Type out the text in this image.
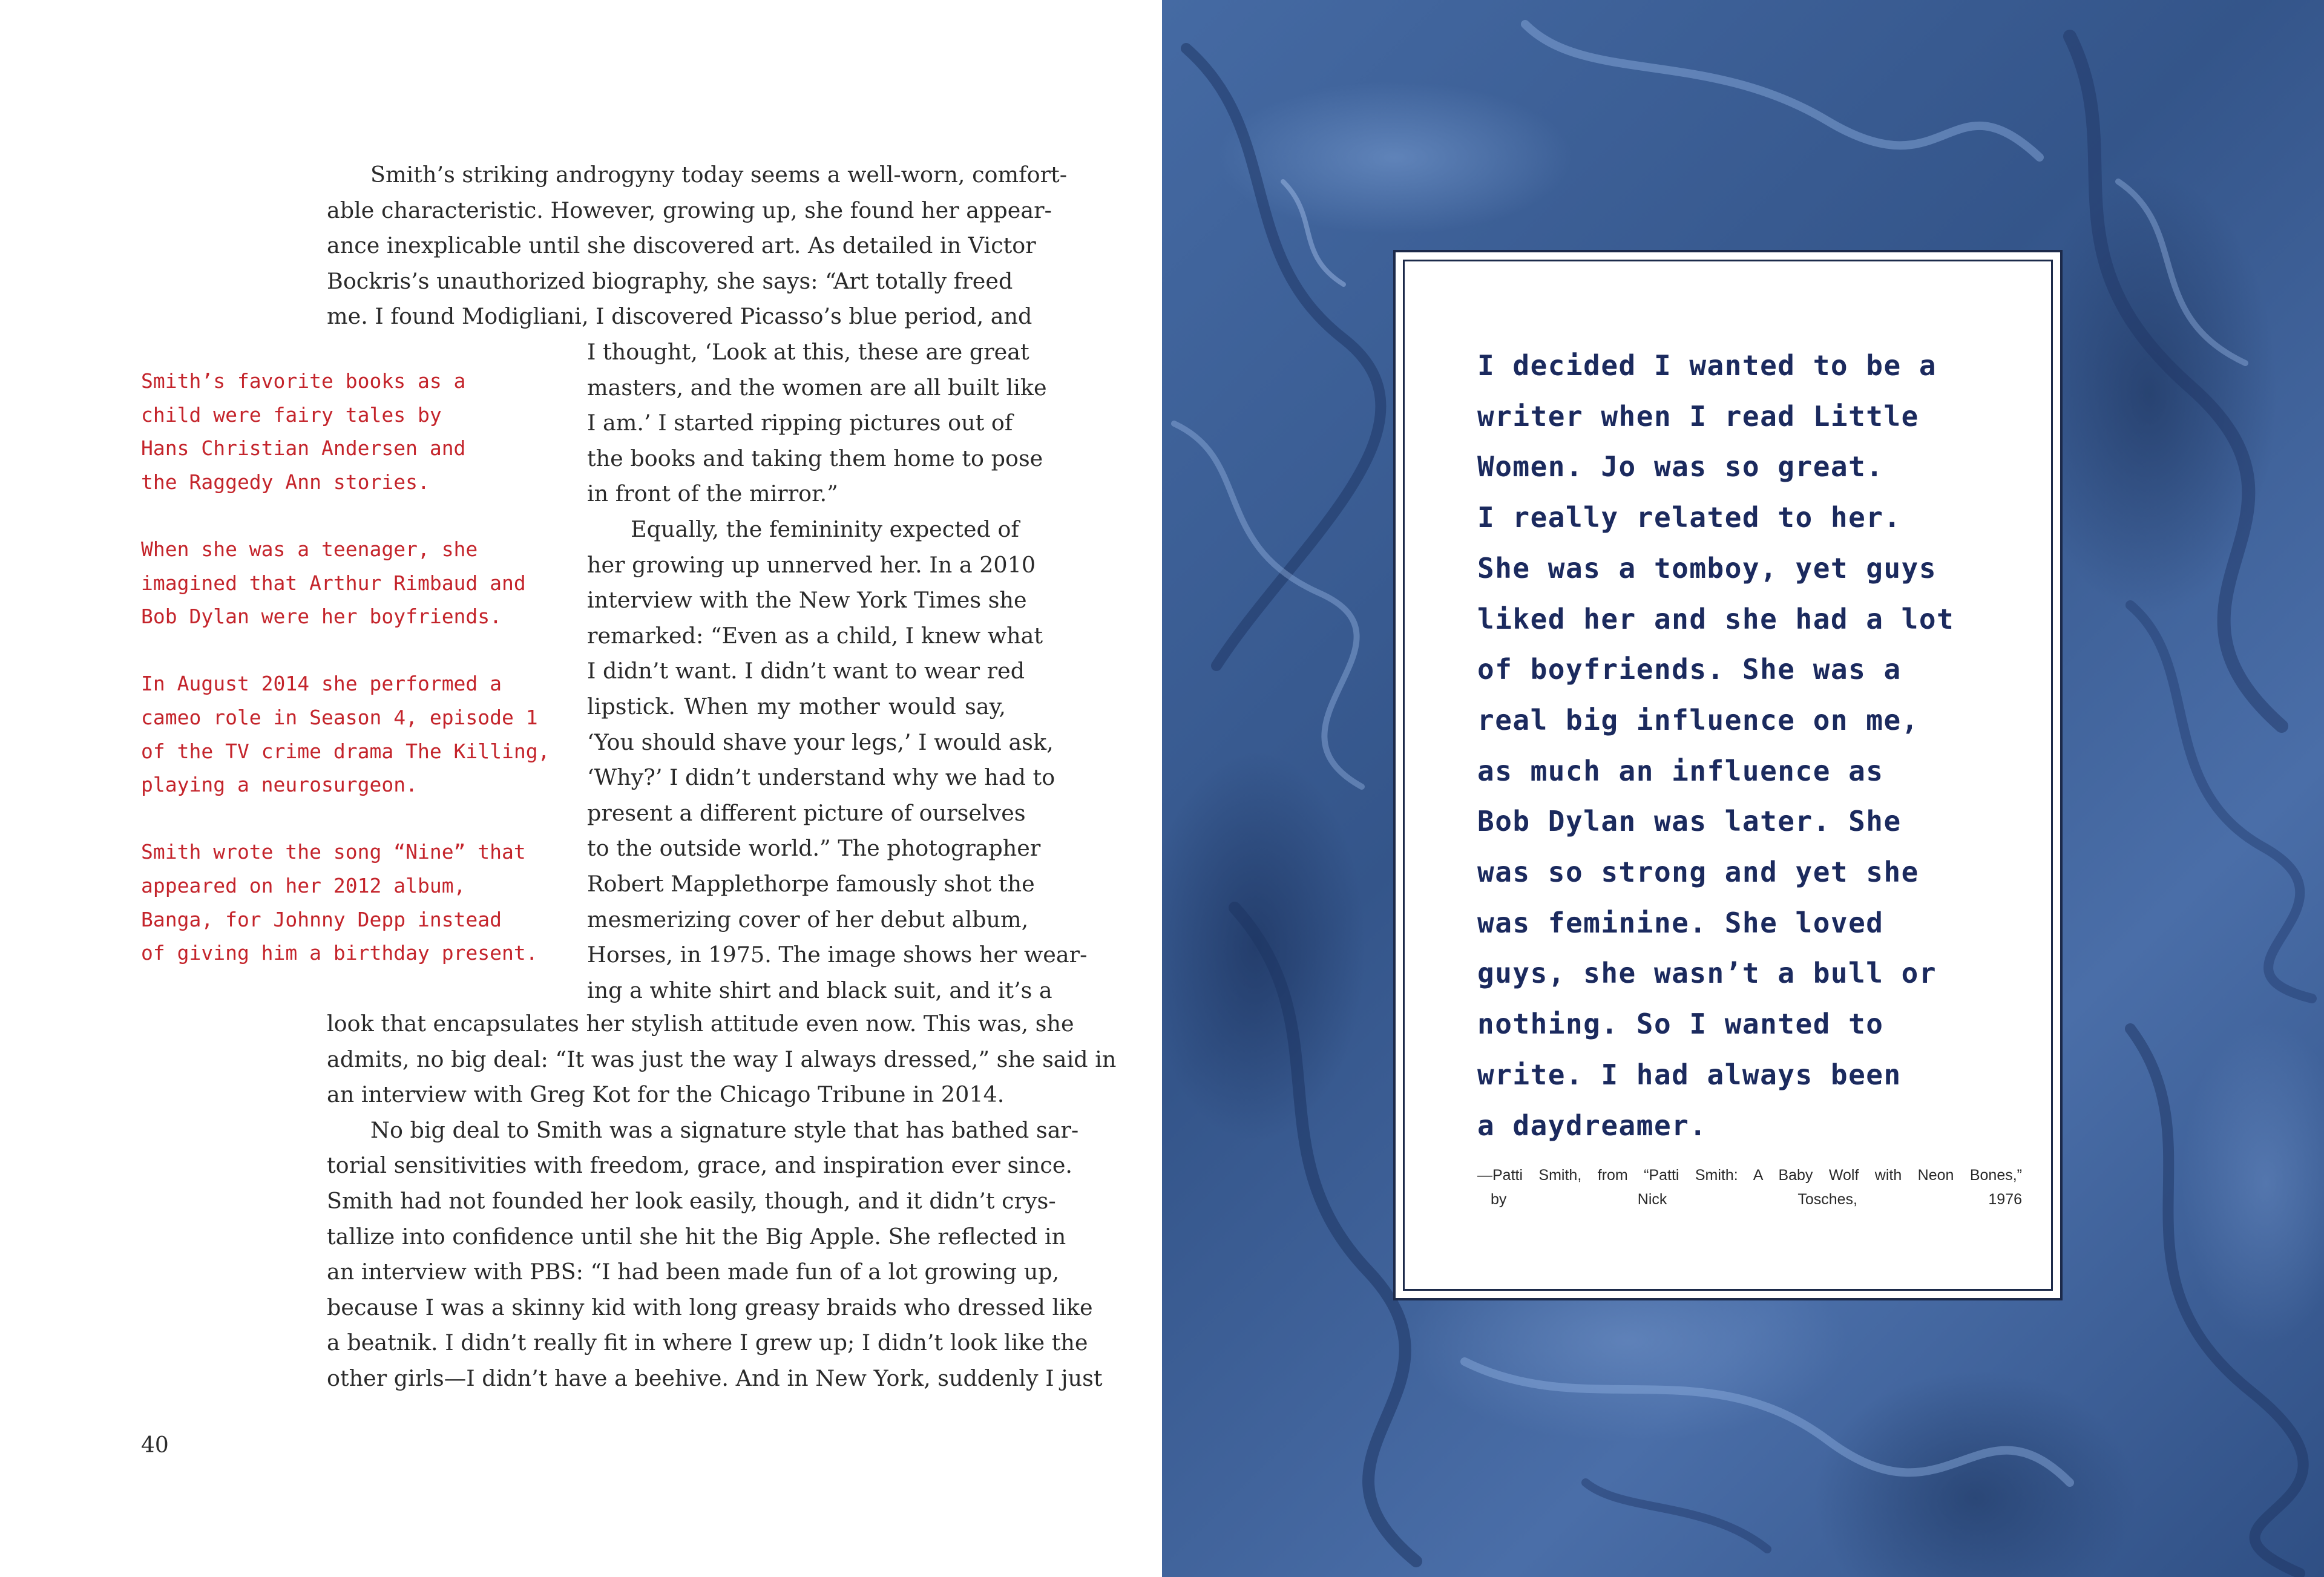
Smith’s striking androgyny today seems a well-worn, comfort-
able characteristic. However, growing up, she found her appear-
ance inexplicable until she discovered art. As detailed in Victor
Bockris’s unauthorized biography, she says: “Art totally freed
me. I found Modigliani, I discovered Picasso’s blue period, and
I thought, ‘Look at this, these are great
masters, and the women are all built like
I am.’ I started ripping pictures out of
the books and taking them home to pose
in front of the mirror.”
Equally, the femininity expected of
her growing up unnerved her. In a 2010
interview with the New York Times she
remarked: “Even as a child, I knew what
I didn’t want. I didn’t want to wear red
lipstick. When my mother would say,
‘You should shave your legs,’ I would ask,
‘Why?’ I didn’t understand why we had to
present a different picture of ourselves
to the outside world.” The photographer
Robert Mapplethorpe famously shot the
mesmerizing cover of her debut album,
Horses, in 1975. The image shows her wear-
ing a white shirt and black suit, and it’s a
look that encapsulates her stylish attitude even now. This was, she
admits, no big deal: “It was just the way I always dressed,” she said in
an interview with Greg Kot for the Chicago Tribune in 2014.
No big deal to Smith was a signature style that has bathed sar-
torial sensitivities with freedom, grace, and inspiration ever since.
Smith had not founded her look easily, though, and it didn’t crys-
tallize into confidence until she hit the Big Apple. She reflected in
an interview with PBS: “I had been made fun of a lot growing up,
because I was a skinny kid with long greasy braids who dressed like
a beatnik. I didn’t really fit in where I grew up; I didn’t look like the
other girls—I didn’t have a beehive. And in New York, suddenly I just

Smith’s favorite books as a
child were fairy tales by
Hans Christian Andersen and
the Raggedy Ann stories.

When she was a teenager, she
imagined that Arthur Rimbaud and
Bob Dylan were her boyfriends.

In August 2014 she performed a
cameo role in Season 4, episode 1
of the TV crime drama The Killing,
playing a neurosurgeon.

Smith wrote the song “Nine” that
appeared on her 2012 album,
Banga, for Johnny Depp instead
of giving him a birthday present.

40
I decided I wanted to be a
writer when I read Little
Women. Jo was so great.
I really related to her.
She was a tomboy, yet guys
liked her and she had a lot
of boyfriends. She was a
real big influence on me,
as much an influence as
Bob Dylan was later. She
was so strong and yet she
was feminine. She loved
guys, she wasn’t a bull or
nothing. So I wanted to
write. I had always been
a daydreamer.
—Patti Smith, from “Patti Smith: A Baby Wolf with Neon Bones,”
by Nick Tosches, 1976
